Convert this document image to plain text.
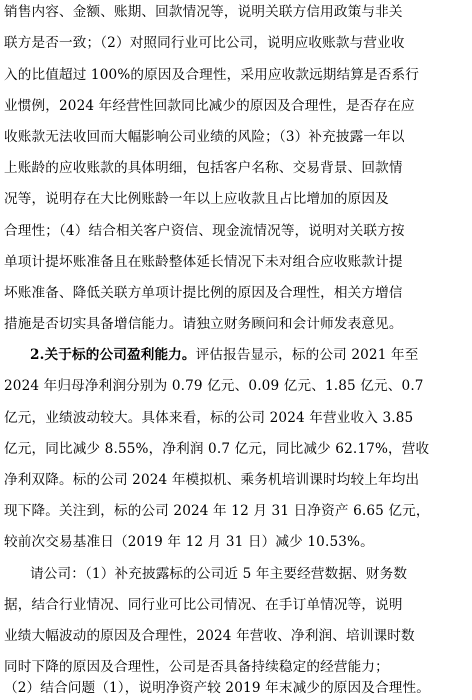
销售内容、金额、账期、回款情况等，说明关联方信用政策与非关
联方是否一致；（2）对照同行业可比公司，说明应收账款与营业收
入的比值超过 100%的原因及合理性，采用应收款远期结算是否系行
业惯例，2024 年经营性回款同比减少的原因及合理性，是否存在应
收账款无法收回而大幅影响公司业绩的风险；（3）补充披露一年以
上账龄的应收账款的具体明细，包括客户名称、交易背景、回款情
况等，说明存在大比例账龄一年以上应收款且占比增加的原因及
合理性；（4）结合相关客户资信、现金流情况等，说明对关联方按
单项计提坏账准备且在账龄整体延长情况下未对组合应收账款计提
坏账准备、降低关联方单项计提比例的原因及合理性，相关方增信
措施是否切实具备增信能力。请独立财务顾问和会计师发表意见。
2.关于标的公司盈利能力。评估报告显示，标的公司 2021 年至
2024 年归母净利润分别为 0.79 亿元、0.09 亿元、1.85 亿元、0.7
亿元，业绩波动较大。具体来看，标的公司 2024 年营业收入 3.85
亿元，同比减少 8.55%，净利润 0.7 亿元，同比减少 62.17%，营收
净利双降。标的公司 2024 年模拟机、乘务机培训课时均较上年均出
现下降。关注到，标的公司 2024 年 12 月 31 日净资产 6.65 亿元，
较前次交易基准日（2019 年 12 月 31 日）减少 10.53%。
请公司：（1）补充披露标的公司近 5 年主要经营数据、财务数
据，结合行业情况、同行业可比公司情况、在手订单情况等，说明
业绩大幅波动的原因及合理性，2024 年营收、净利润、培训课时数
同时下降的原因及合理性，公司是否具备持续稳定的经营能力；
（2）结合问题（1），说明净资产较 2019 年末减少的原因及合理性。
